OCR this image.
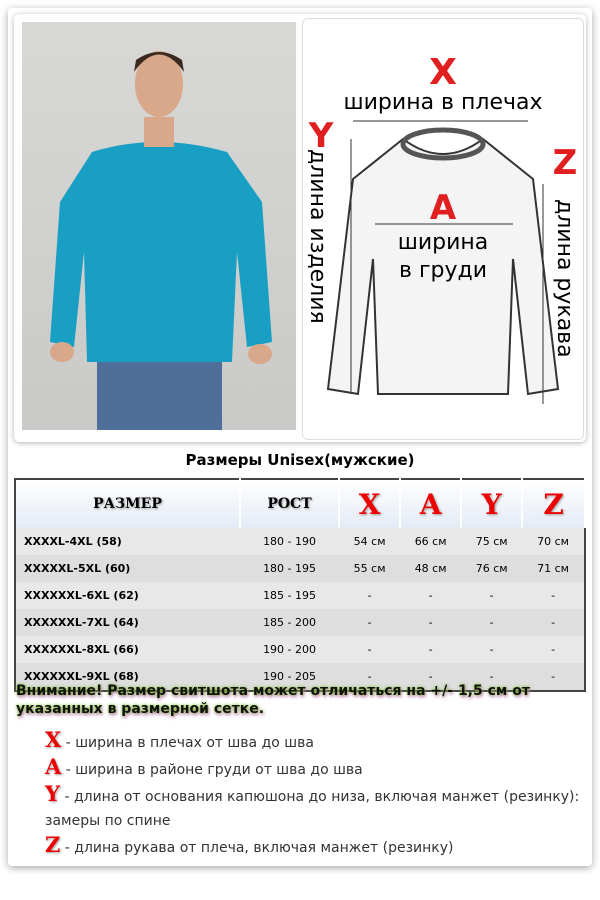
X
ширина в плечах
Y
длина изделия	Z
длина рукава
A
ширина
в груди
Размеры Unisex(мужские)
РАЗМЕР	РОСТ	X	A	Y	Z
XXXXL-4XL (58)	180 - 190	54 см	66 см	75 см	70 см
XXXXXL-5XL (60)	180 - 195	55 см	48 см	76 см	71 см
XXXXXXL-6XL (62)	185 - 195	-	-	-	-
XXXXXXL-7XL (64)	185 - 200	-	-	-	-
XXXXXXL-8XL (66)	190 - 200	-	-	-	-
XXXXXXL-9XL (68)	190 - 205	-	-	-	-
Внимание! Размер свитшота может отличаться на +/- 1,5 см от указанных в размерной сетке.
X - ширина в плечах от шва до шва
A - ширина в районе груди от шва до шва
Y - длина от основания капюшона до низа, включая манжет (резинку): замеры по спине
Z - длина рукава от плеча, включая манжет (резинку)
